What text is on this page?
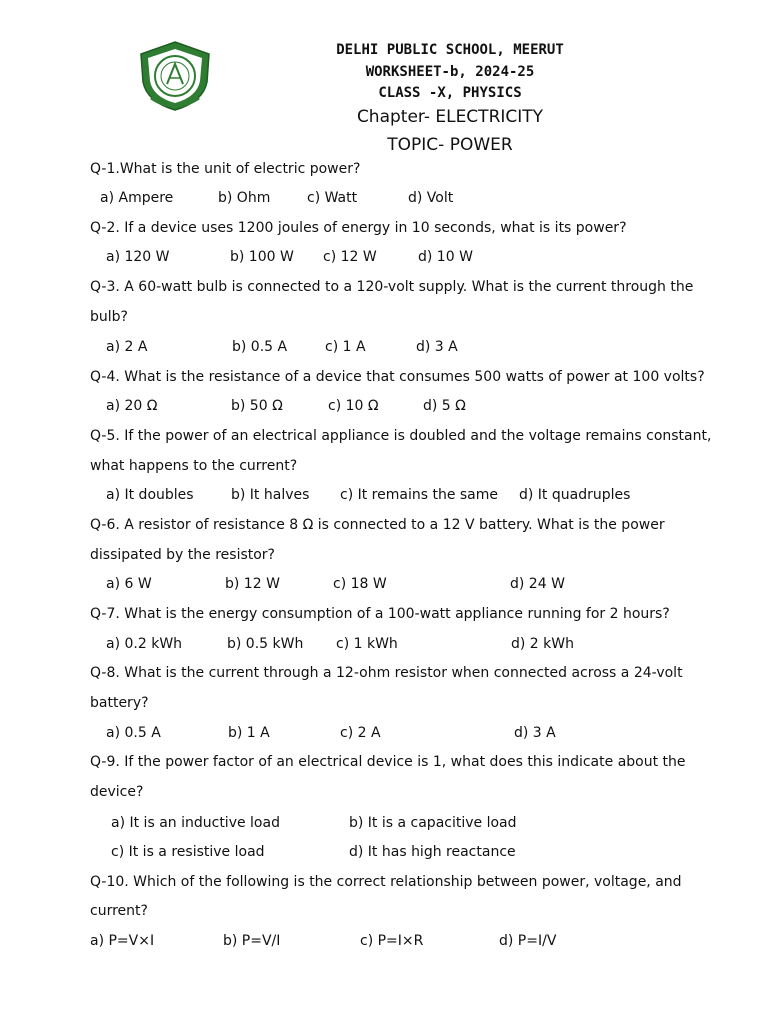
DELHI PUBLIC SCHOOL, MEERUT
WORKSHEET-b, 2024-25
CLASS -X, PHYSICS
Chapter- ELECTRICITY
TOPIC- POWER
Q-1.What is the unit of electric power?
a) Ampere	b) Ohm	c) Watt	d) Volt
Q-2. If a device uses 1200 joules of energy in 10 seconds, what is its power?
a) 120 W	b) 100 W c) 12 W	d) 10 W
Q-3. A 60-watt bulb is connected to a 120-volt supply. What is the current through the
bulb?
a) 2 A	b) 0.5 A	c) 1 A	d) 3 A
Q-4. What is the resistance of a device that consumes 500 watts of power at 100 volts?
a) 20 Ω	b) 50 Ω	c) 10 Ω	d) 5 Ω
Q-5. If the power of an electrical appliance is doubled and the voltage remains constant,
what happens to the current?
a) It doubles	b) It halves c) It remains the same d) It quadruples
Q-6. A resistor of resistance 8 Ω is connected to a 12 V battery. What is the power
dissipated by the resistor?
a) 6 W	b) 12 W	c) 18 W	d) 24 W
Q-7. What is the energy consumption of a 100-watt appliance running for 2 hours?
a) 0.2 kWh	b) 0.5 kWh c) 1 kWh	d) 2 kWh
Q-8. What is the current through a 12-ohm resistor when connected across a 24-volt
battery?
a) 0.5 A	b) 1 A	c) 2 A	d) 3 A
Q-9. If the power factor of an electrical device is 1, what does this indicate about the
device?
a) It is an inductive load	b) It is a capacitive load
c) It is a resistive load	d) It has high reactance
Q-10. Which of the following is the correct relationship between power, voltage, and
current?
a) P=V×I	b) P=V/I	c) P=I×R	d) P=I/V
